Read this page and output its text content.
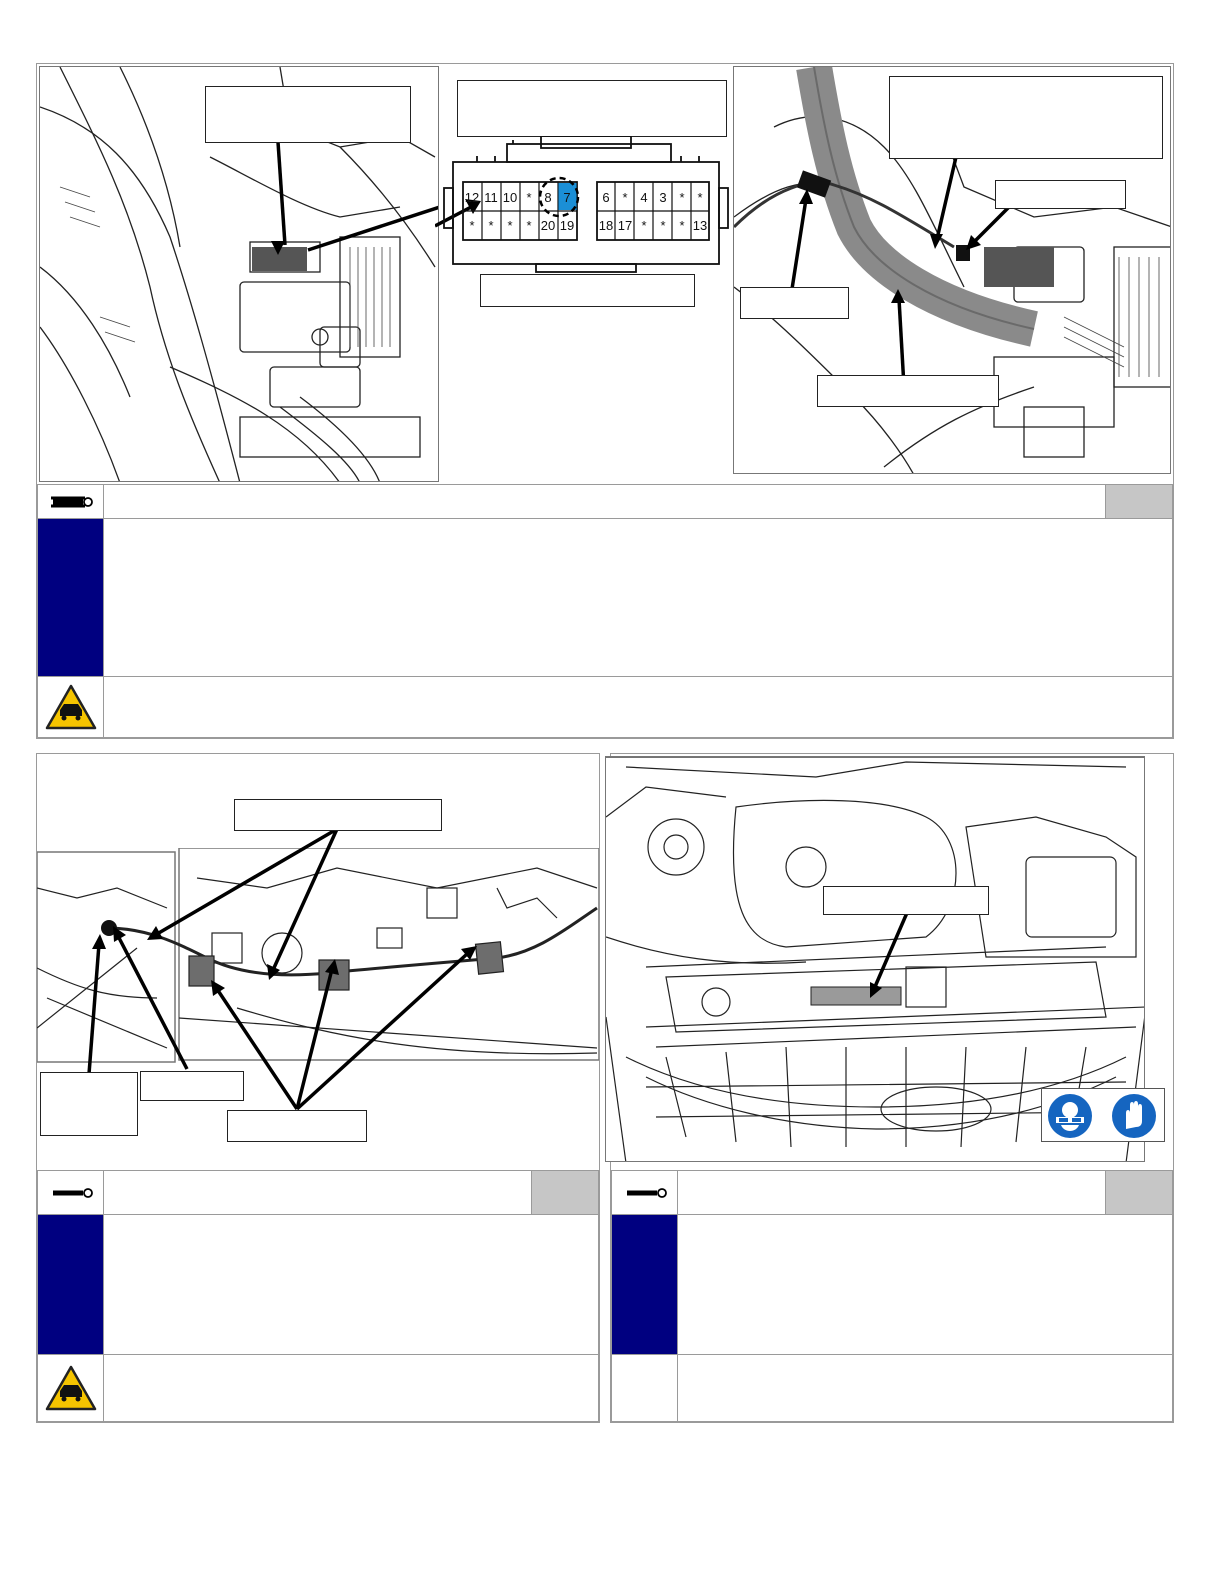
12 11 10 * 8 7 6 * 4 3 * *
* * * * 20 19 18 17 * * * 13
